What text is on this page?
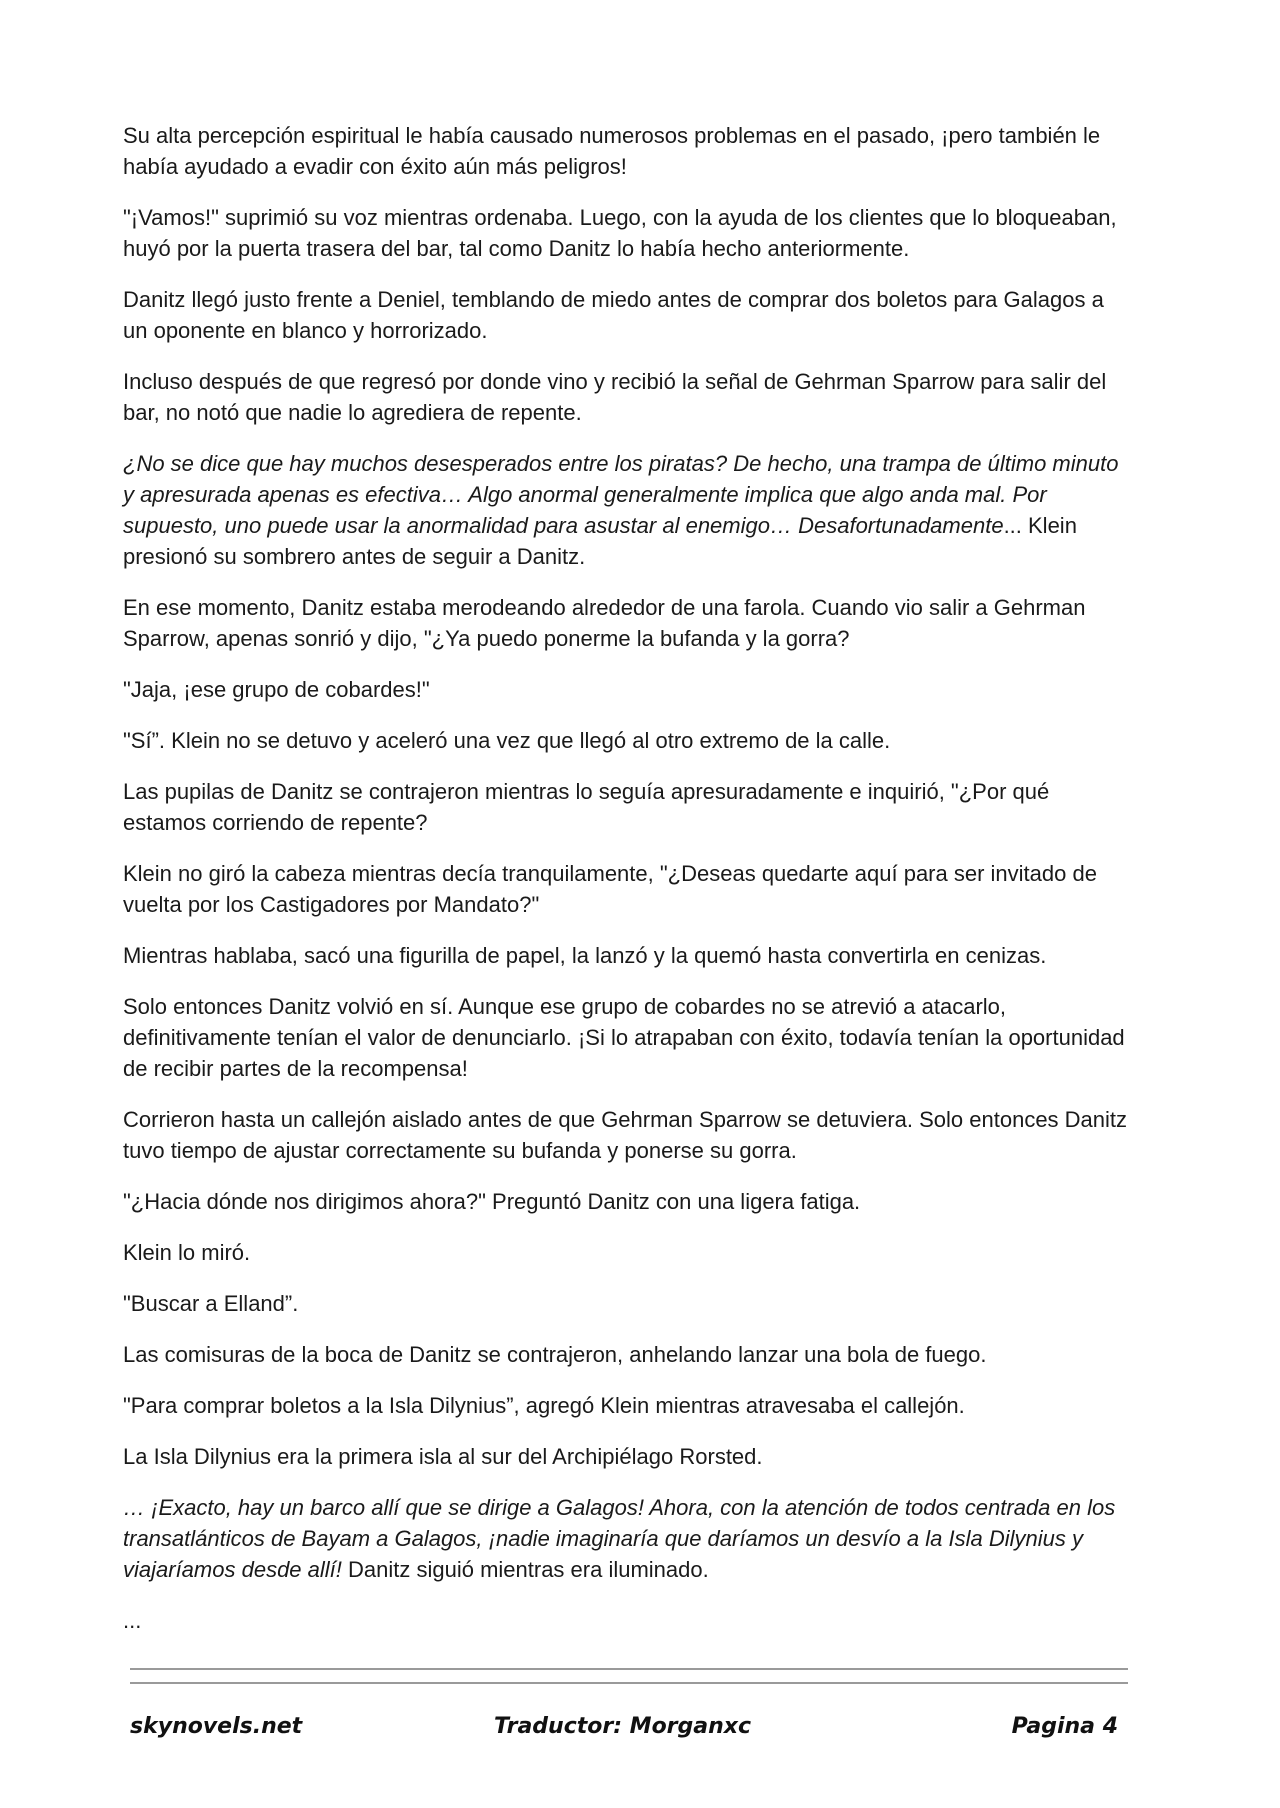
Su alta percepción espiritual le había causado numerosos problemas en el pasado, ¡pero también le había ayudado a evadir con éxito aún más peligros!

"¡Vamos!" suprimió su voz mientras ordenaba. Luego, con la ayuda de los clientes que lo bloqueaban, huyó por la puerta trasera del bar, tal como Danitz lo había hecho anteriormente.

Danitz llegó justo frente a Deniel, temblando de miedo antes de comprar dos boletos para Galagos a un oponente en blanco y horrorizado.

Incluso después de que regresó por donde vino y recibió la señal de Gehrman Sparrow para salir del bar, no notó que nadie lo agrediera de repente.

¿No se dice que hay muchos desesperados entre los piratas? De hecho, una trampa de último minuto y apresurada apenas es efectiva… Algo anormal generalmente implica que algo anda mal. Por supuesto, uno puede usar la anormalidad para asustar al enemigo… Desafortunadamente... Klein presionó su sombrero antes de seguir a Danitz.

En ese momento, Danitz estaba merodeando alrededor de una farola. Cuando vio salir a Gehrman Sparrow, apenas sonrió y dijo, "¿Ya puedo ponerme la bufanda y la gorra?

"Jaja, ¡ese grupo de cobardes!"

"Sí”. Klein no se detuvo y aceleró una vez que llegó al otro extremo de la calle.

Las pupilas de Danitz se contrajeron mientras lo seguía apresuradamente e inquirió, "¿Por qué estamos corriendo de repente?

Klein no giró la cabeza mientras decía tranquilamente, "¿Deseas quedarte aquí para ser invitado de vuelta por los Castigadores por Mandato?"

Mientras hablaba, sacó una figurilla de papel, la lanzó y la quemó hasta convertirla en cenizas.

Solo entonces Danitz volvió en sí. Aunque ese grupo de cobardes no se atrevió a atacarlo, definitivamente tenían el valor de denunciarlo. ¡Si lo atrapaban con éxito, todavía tenían la oportunidad de recibir partes de la recompensa!

Corrieron hasta un callejón aislado antes de que Gehrman Sparrow se detuviera. Solo entonces Danitz tuvo tiempo de ajustar correctamente su bufanda y ponerse su gorra.

"¿Hacia dónde nos dirigimos ahora?" Preguntó Danitz con una ligera fatiga.

Klein lo miró.

"Buscar a Elland”.

Las comisuras de la boca de Danitz se contrajeron, anhelando lanzar una bola de fuego.

"Para comprar boletos a la Isla Dilynius”, agregó Klein mientras atravesaba el callejón.

La Isla Dilynius era la primera isla al sur del Archipiélago Rorsted.

… ¡Exacto, hay un barco allí que se dirige a Galagos! Ahora, con la atención de todos centrada en los transatlánticos de Bayam a Galagos, ¡nadie imaginaría que daríamos un desvío a la Isla Dilynius y viajaríamos desde allí! Danitz siguió mientras era iluminado.

...

skynovels.net	Traductor: Morganxc	Pagina 4
